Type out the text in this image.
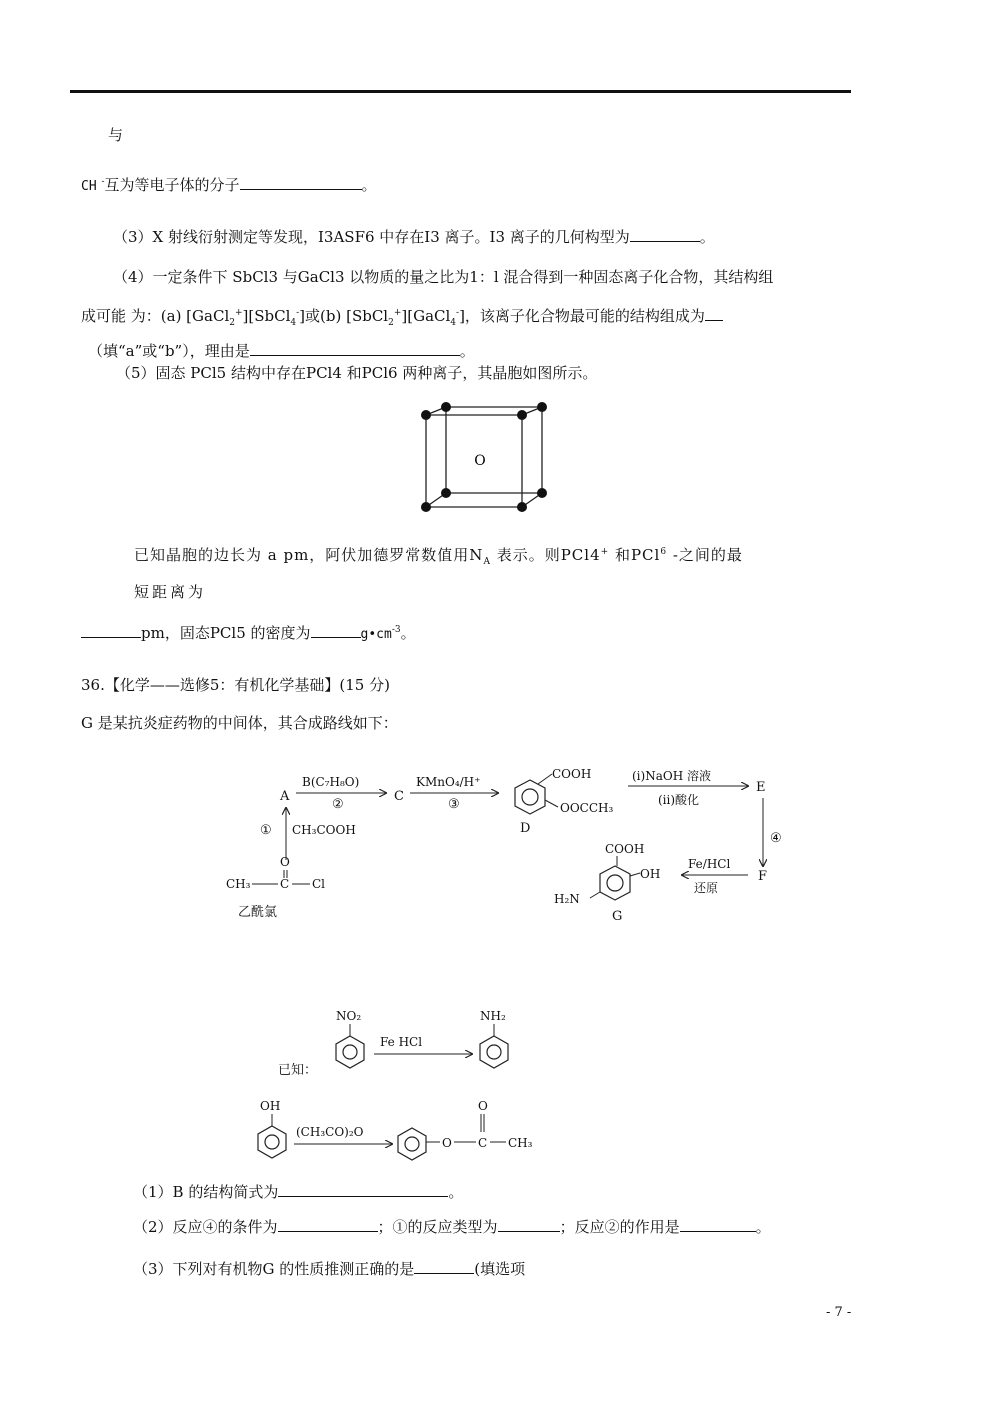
与
CH -互为等电子体的分子	。
（3）X 射线衍射测定等发现，I3ASF6 中存在I3 离子。I3 离子的几何构型为	。
（4）一定条件下 SbCl3 与GaCl3 以物质的量之比为1：l 混合得到一种固态离子化合物，其结构组
成可能 为：(a) [GaCl$_2$+][SbCl$_4$-]或(b) [SbCl$_2$+][GaCl$_4$-]，该离子化合物最可能的结构组成为
（填“a”或“b”），理由是	。
（5）固态 PCl5 结构中存在PCl4 和PCl6 两种离子，其晶胞如图所示。
O
已知晶胞的边长为 a pm，阿伏加德罗常数值用$N_A$ 表示。则PCl4+ 和PCl$^6$ -之间的最
短距离为
pm，固态PCl5 的密度为	$g•cm^{-3}$。
36.【化学——选修5：有机化学基础】(15 分)
G 是某抗炎症药物的中间体，其合成路线如下：
A
B(C₇H₈O)
②
C
KMnO₄/H⁺
③
COOH
OOCCH₃
D
(i)NaOH 溶液
(ii)酸化
E
④
F
Fe/HCl
还原
COOH
OH
H₂N
G
① CH₃COOH
O
CH₃ C Cl
乙酰氯
已知：
NO₂
Fe HCl
NH₂
OH
(CH₃CO)₂O
O
O
C CH₃
（1）B 的结构简式为	。
（2）反应④的条件为	；①的反应类型为	；反应②的作用是	。
（3）下列对有机物G 的性质推测正确的是	(填选项
- 7 -
